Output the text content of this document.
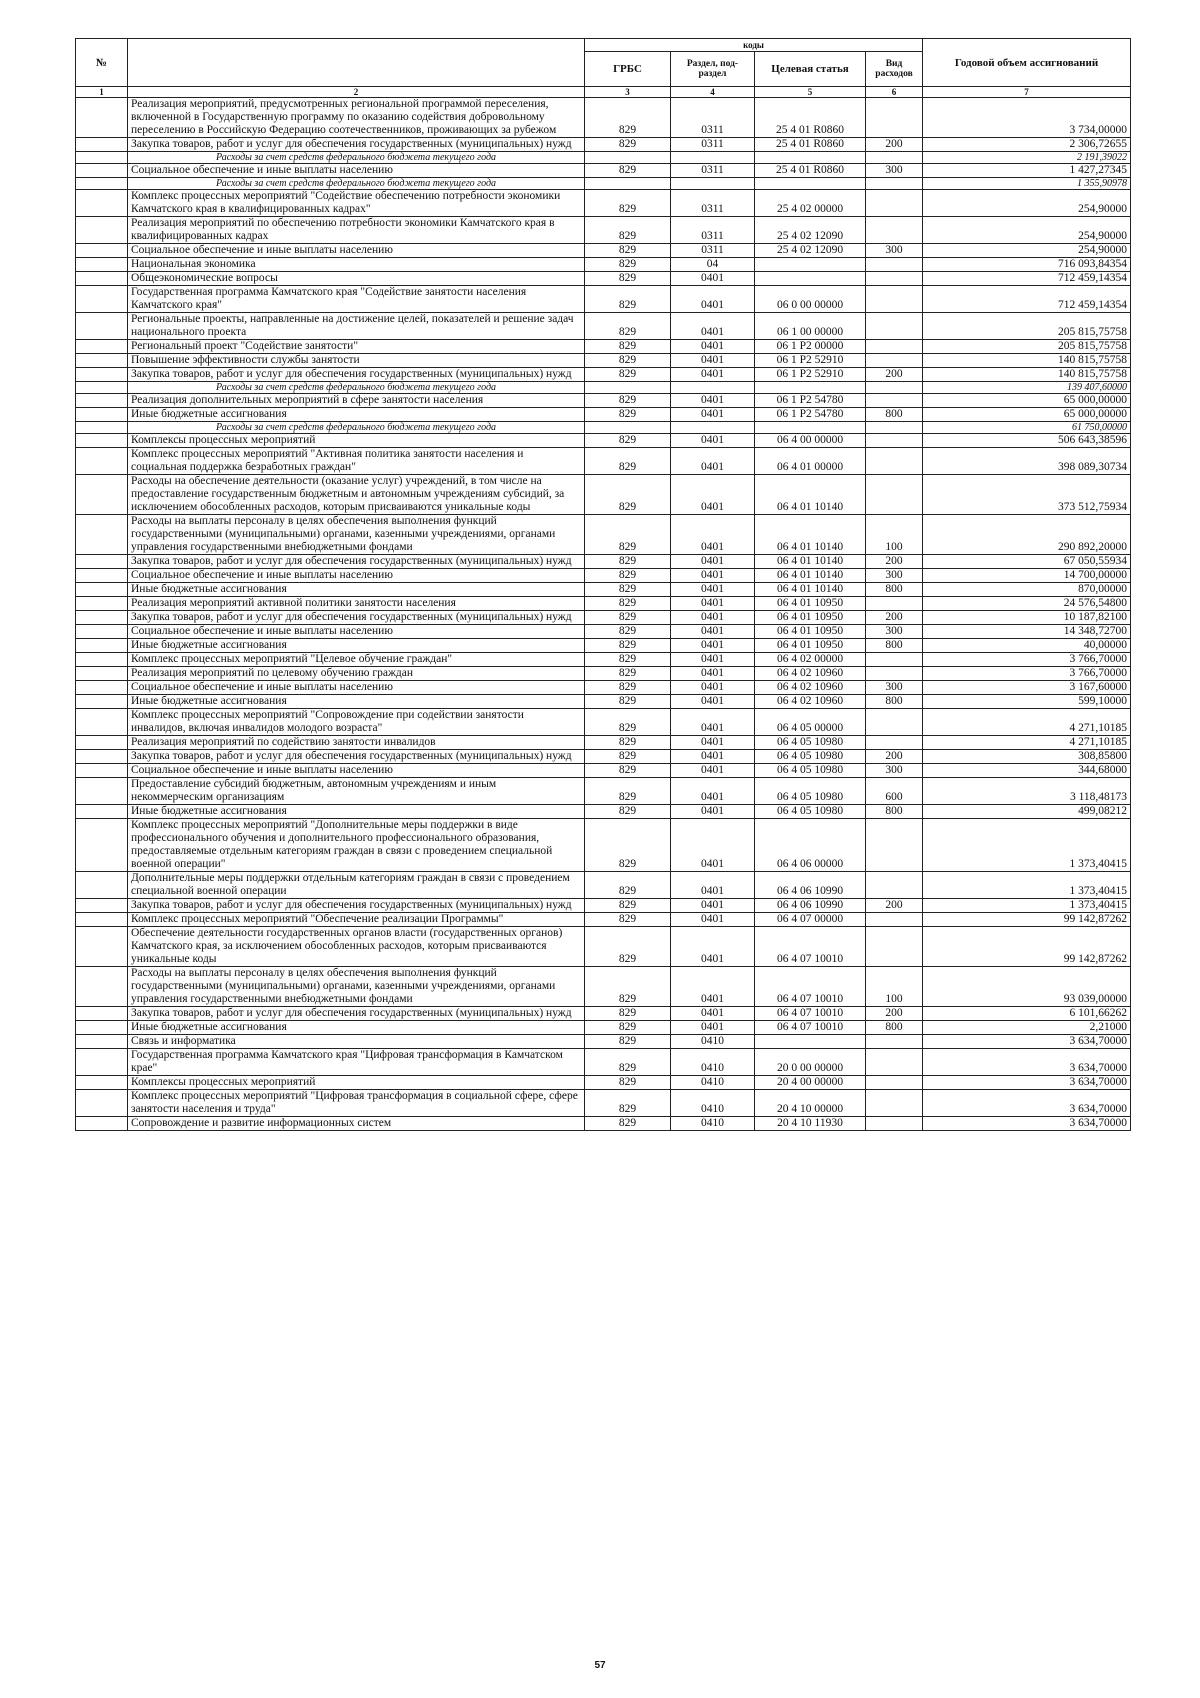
№		коды				Годовой объем ассигнований
		ГРБС	Раздел, под-раздел	Целевая статья	Вид расходов	
1	2	3	4	5	6	7
	Реализация мероприятий, предусмотренных региональной программой переселения, включенной в Государственную программу по оказанию содействия добровольному переселению в Российскую Федерацию соотечественников, проживающих за рубежом	829	0311	25 4 01 R0860		3 734,00000
	Закупка товаров, работ и услуг для обеспечения государственных (муниципальных) нужд	829	0311	25 4 01 R0860	200	2 306,72655
	Расходы за счет средств федерального бюджета текущего года					2 191,39022
	Социальное обеспечение и иные выплаты населению	829	0311	25 4 01 R0860	300	1 427,27345
	Расходы за счет средств федерального бюджета текущего года					1 355,90978
	Комплекс процессных мероприятий "Содействие обеспечению потребности экономики Камчатского края в квалифицированных кадрах"	829	0311	25 4 02 00000		254,90000
	Реализация мероприятий по обеспечению потребности экономики Камчатского края в квалифицированных кадрах	829	0311	25 4 02 12090		254,90000
	Социальное обеспечение и иные выплаты населению	829	0311	25 4 02 12090	300	254,90000
	Национальная экономика	829	04			716 093,84354
	Общеэкономические вопросы	829	0401			712 459,14354
	Государственная программа Камчатского края "Содействие занятости населения Камчатского края"	829	0401	06 0 00 00000		712 459,14354
	Региональные проекты, направленные на достижение целей, показателей и решение задач национального проекта	829	0401	06 1 00 00000		205 815,75758
	Региональный проект "Содействие занятости"	829	0401	06 1 P2 00000		205 815,75758
	Повышение эффективности службы занятости	829	0401	06 1 P2 52910		140 815,75758
	Закупка товаров, работ и услуг для обеспечения государственных (муниципальных) нужд	829	0401	06 1 P2 52910	200	140 815,75758
	Расходы за счет средств федерального бюджета текущего года					139 407,60000
	Реализация дополнительных мероприятий в сфере занятости населения	829	0401	06 1 P2 54780		65 000,00000
	Иные бюджетные ассигнования	829	0401	06 1 P2 54780	800	65 000,00000
	Расходы за счет средств федерального бюджета текущего года					61 750,00000
	Комплексы процессных мероприятий	829	0401	06 4 00 00000		506 643,38596
	Комплекс процессных мероприятий "Активная политика занятости населения и социальная поддержка безработных граждан"	829	0401	06 4 01 00000		398 089,30734
	Расходы на обеспечение деятельности (оказание услуг) учреждений, в том числе на предоставление государственным бюджетным и автономным учреждениям субсидий, за исключением обособленных расходов, которым присваиваются уникальные коды	829	0401	06 4 01 10140		373 512,75934
	Расходы на выплаты персоналу в целях обеспечения выполнения функций государственными (муниципальными) органами, казенными учреждениями, органами управления государственными внебюджетными фондами	829	0401	06 4 01 10140	100	290 892,20000
	Закупка товаров, работ и услуг для обеспечения государственных (муниципальных) нужд	829	0401	06 4 01 10140	200	67 050,55934
	Социальное обеспечение и иные выплаты населению	829	0401	06 4 01 10140	300	14 700,00000
	Иные бюджетные ассигнования	829	0401	06 4 01 10140	800	870,00000
	Реализация мероприятий активной политики занятости населения	829	0401	06 4 01 10950		24 576,54800
	Закупка товаров, работ и услуг для обеспечения государственных (муниципальных) нужд	829	0401	06 4 01 10950	200	10 187,82100
	Социальное обеспечение и иные выплаты населению	829	0401	06 4 01 10950	300	14 348,72700
	Иные бюджетные ассигнования	829	0401	06 4 01 10950	800	40,00000
	Комплекс процессных мероприятий "Целевое обучение граждан"	829	0401	06 4 02 00000		3 766,70000
	Реализация мероприятий по целевому обучению граждан	829	0401	06 4 02 10960		3 766,70000
	Социальное обеспечение и иные выплаты населению	829	0401	06 4 02 10960	300	3 167,60000
	Иные бюджетные ассигнования	829	0401	06 4 02 10960	800	599,10000
	Комплекс процессных мероприятий "Сопровождение при содействии занятости инвалидов, включая инвалидов молодого возраста"	829	0401	06 4 05 00000		4 271,10185
	Реализация мероприятий по содействию занятости инвалидов	829	0401	06 4 05 10980		4 271,10185
	Закупка товаров, работ и услуг для обеспечения государственных (муниципальных) нужд	829	0401	06 4 05 10980	200	308,85800
	Социальное обеспечение и иные выплаты населению	829	0401	06 4 05 10980	300	344,68000
	Предоставление субсидий бюджетным, автономным учреждениям и иным некоммерческим организациям	829	0401	06 4 05 10980	600	3 118,48173
	Иные бюджетные ассигнования	829	0401	06 4 05 10980	800	499,08212
	Комплекс процессных мероприятий "Дополнительные меры поддержки в виде профессионального обучения и дополнительного профессионального образования, предоставляемые отдельным категориям граждан в связи с проведением специальной военной операции"	829	0401	06 4 06 00000		1 373,40415
	Дополнительные меры поддержки отдельным категориям граждан в связи с проведением специальной военной операции	829	0401	06 4 06 10990		1 373,40415
	Закупка товаров, работ и услуг для обеспечения государственных (муниципальных) нужд	829	0401	06 4 06 10990	200	1 373,40415
	Комплекс процессных мероприятий "Обеспечение реализации Программы"	829	0401	06 4 07 00000		99 142,87262
	Обеспечение деятельности государственных органов власти (государственных органов) Камчатского края, за исключением обособленных расходов, которым присваиваются уникальные коды	829	0401	06 4 07 10010		99 142,87262
	Расходы на выплаты персоналу в целях обеспечения выполнения функций государственными (муниципальными) органами, казенными учреждениями, органами управления государственными внебюджетными фондами	829	0401	06 4 07 10010	100	93 039,00000
	Закупка товаров, работ и услуг для обеспечения государственных (муниципальных) нужд	829	0401	06 4 07 10010	200	6 101,66262
	Иные бюджетные ассигнования	829	0401	06 4 07 10010	800	2,21000
	Связь и информатика	829	0410			3 634,70000
	Государственная программа Камчатского края "Цифровая трансформация в Камчатском крае"	829	0410	20 0 00 00000		3 634,70000
	Комплексы процессных мероприятий	829	0410	20 4 00 00000		3 634,70000
	Комплекс процессных мероприятий "Цифровая трансформация в социальной сфере, сфере занятости населения и труда"	829	0410	20 4 10 00000		3 634,70000
	Сопровождение и развитие информационных систем	829	0410	20 4 10 11930		3 634,70000
57
